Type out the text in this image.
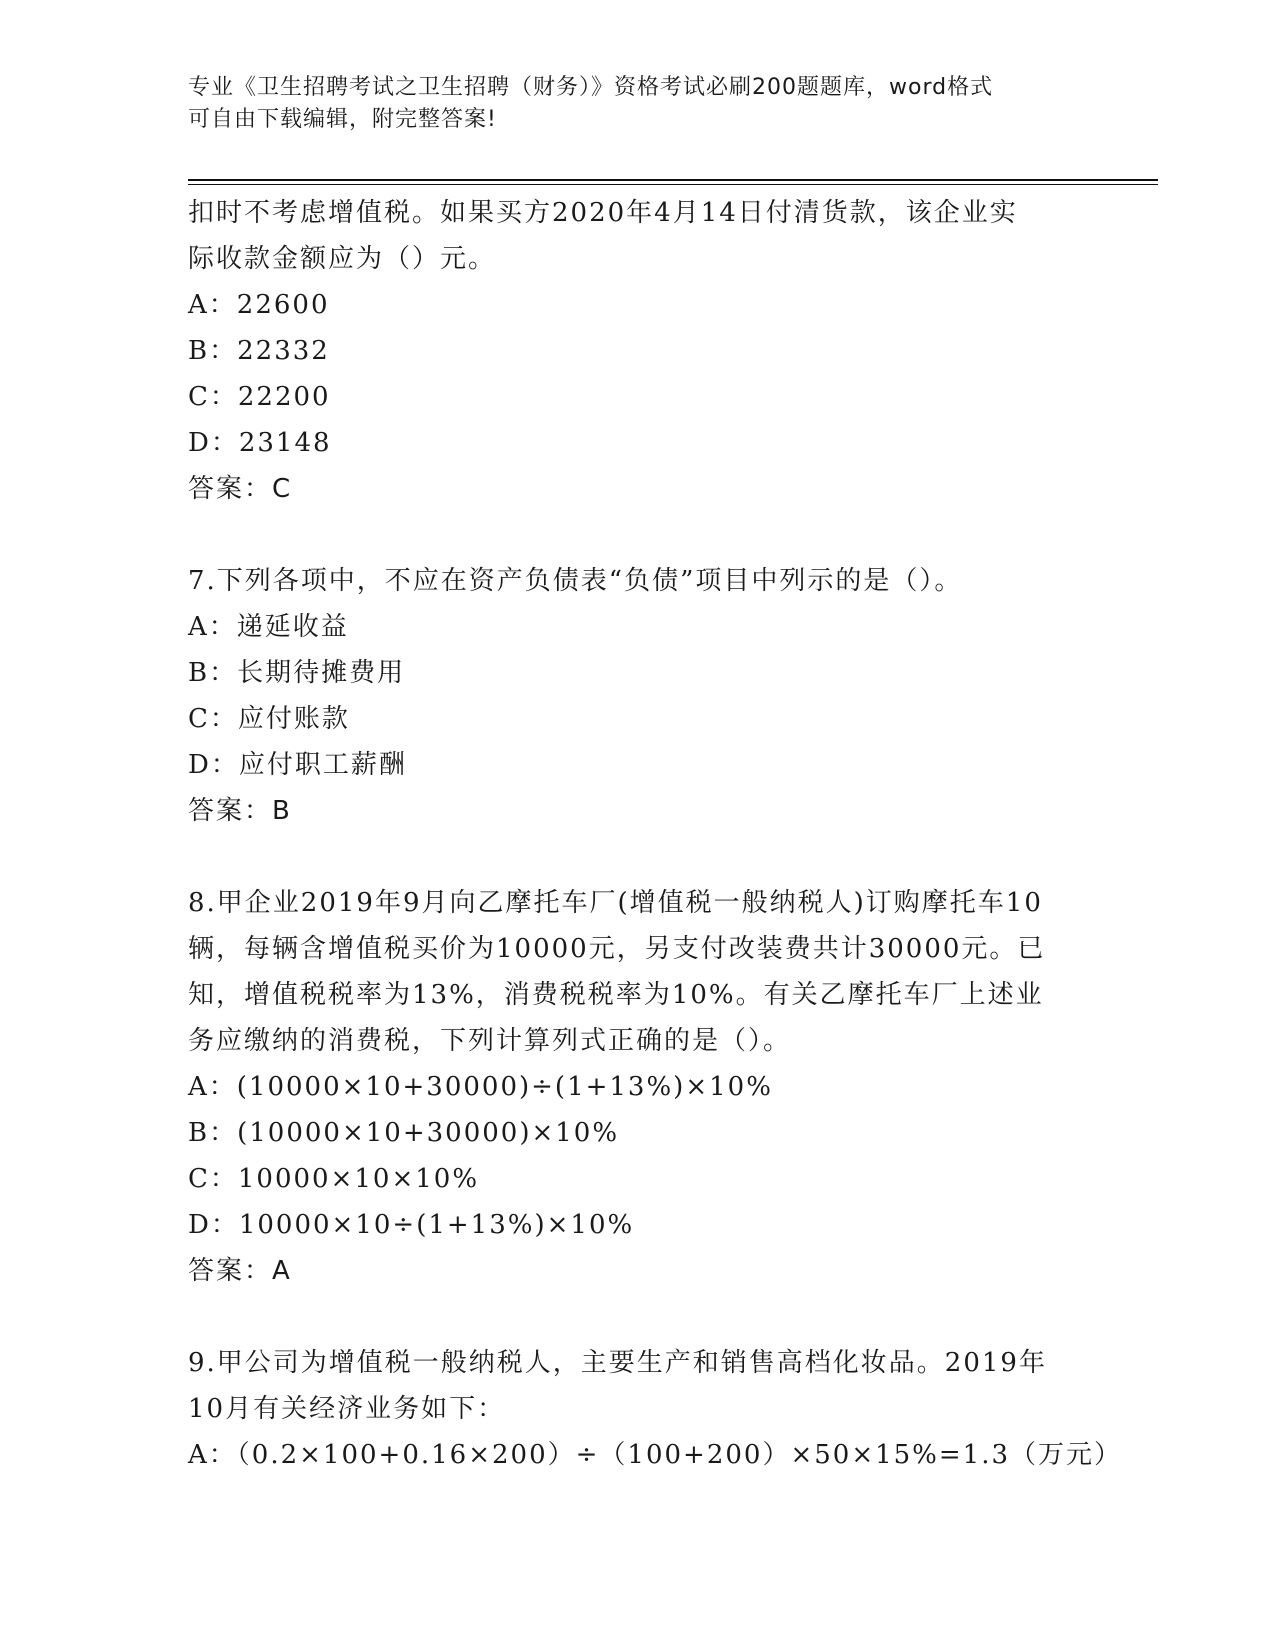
专业《卫生招聘考试之卫生招聘（财务）》资格考试必刷200题题库，word格式
可自由下载编辑，附完整答案!
扣时不考虑增值税。如果买方2020年4月14日付清货款，该企业实
际收款金额应为（）元。
A：22600
B：22332
C：22200
D：23148
答案：C
7.下列各项中，不应在资产负债表“负债”项目中列示的是（）。
A：递延收益
B：长期待摊费用
C：应付账款
D：应付职工薪酬
答案：B
8.甲企业2019年9月向乙摩托车厂(增值税一般纳税人)订购摩托车10
辆，每辆含增值税买价为10000元，另支付改装费共计30000元。已
知，增值税税率为13%，消费税税率为10%。有关乙摩托车厂上述业
务应缴纳的消费税，下列计算列式正确的是（）。
A：(10000×10+30000)÷(1+13%)×10%
B：(10000×10+30000)×10%
C：10000×10×10%
D：10000×10÷(1+13%)×10%
答案：A
9.甲公司为增值税一般纳税人，主要生产和销售高档化妆品。2019年
10月有关经济业务如下：
A：（0.2×100+0.16×200）÷（100+200）×50×15%=1.3（万元）
